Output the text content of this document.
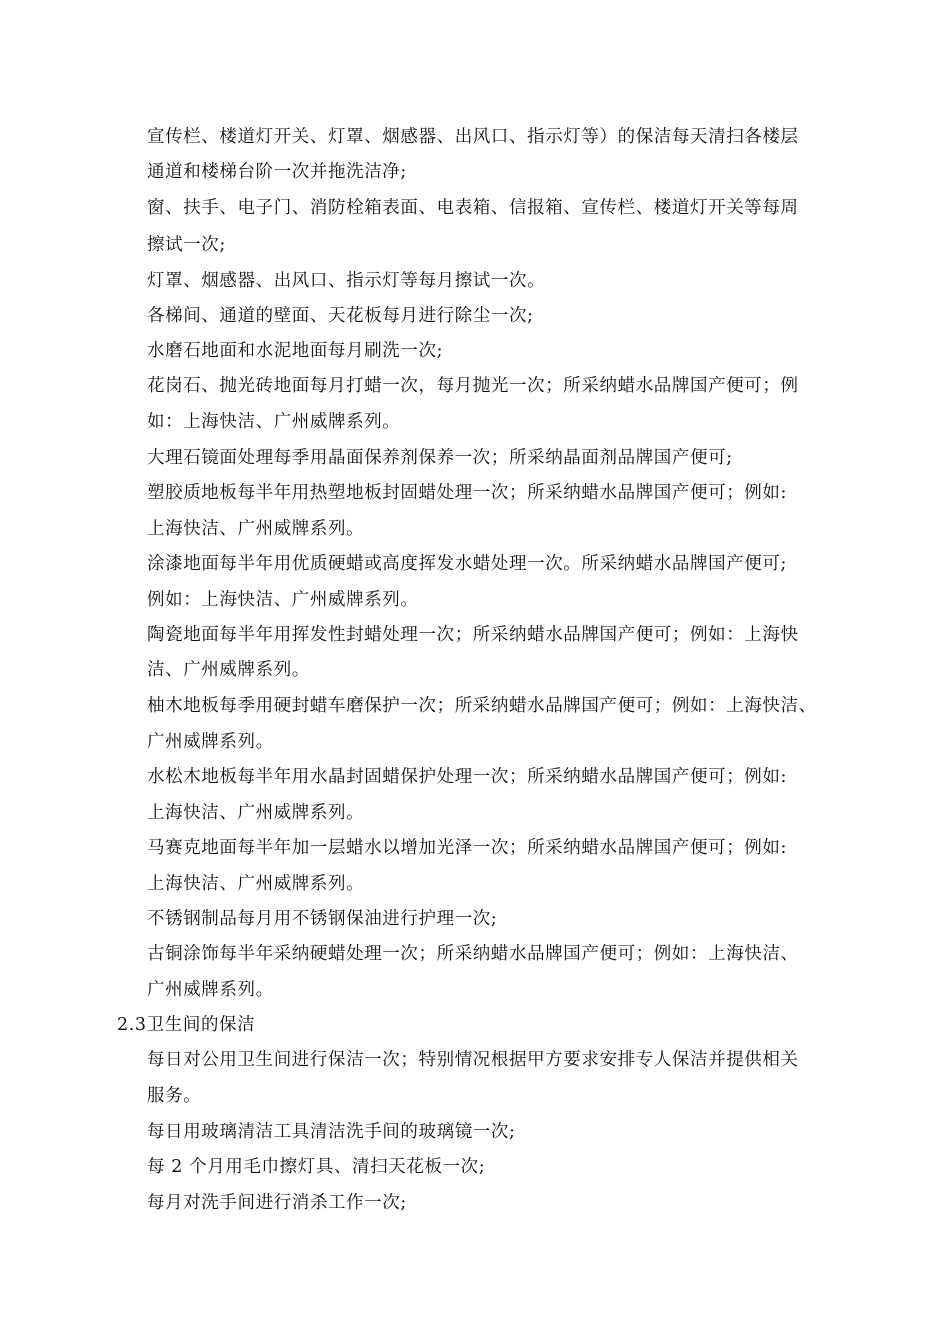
宣传栏、楼道灯开关、灯罩、烟感器、出风口、指示灯等）的保洁每天清扫各楼层
通道和楼梯台阶一次并拖洗洁净;
窗、扶手、电子门、消防栓箱表面、电表箱、信报箱、宣传栏、楼道灯开关等每周
擦试一次;
灯罩、烟感器、出风口、指示灯等每月擦试一次。
各梯间、通道的壁面、天花板每月进行除尘一次;
水磨石地面和水泥地面每月刷洗一次;
花岗石、抛光砖地面每月打蜡一次，每月抛光一次；所采纳蜡水品牌国产便可；例
如：上海快洁、广州威牌系列。
大理石镜面处理每季用晶面保养剂保养一次；所采纳晶面剂品牌国产便可;
塑胶质地板每半年用热塑地板封固蜡处理一次；所采纳蜡水品牌国产便可；例如:
上海快洁、广州威牌系列。
涂漆地面每半年用优质硬蜡或高度挥发水蜡处理一次。所采纳蜡水品牌国产便可;
例如：上海快洁、广州威牌系列。
陶瓷地面每半年用挥发性封蜡处理一次；所采纳蜡水品牌国产便可；例如：上海快
洁、广州威牌系列。
柚木地板每季用硬封蜡车磨保护一次；所采纳蜡水品牌国产便可；例如：上海快洁、
广州威牌系列。
水松木地板每半年用水晶封固蜡保护处理一次；所采纳蜡水品牌国产便可；例如:
上海快洁、广州威牌系列。
马赛克地面每半年加一层蜡水以增加光泽一次；所采纳蜡水品牌国产便可；例如:
上海快洁、广州威牌系列。
不锈钢制品每月用不锈钢保油进行护理一次;
古铜涂饰每半年采纳硬蜡处理一次；所采纳蜡水品牌国产便可；例如：上海快洁、
广州威牌系列。
2.3卫生间的保洁
每日对公用卫生间进行保洁一次；特别情况根据甲方要求安排专人保洁并提供相关
服务。
每日用玻璃清洁工具清洁洗手间的玻璃镜一次;
每 2 个月用毛巾擦灯具、清扫天花板一次;
每月对洗手间进行消杀工作一次;
